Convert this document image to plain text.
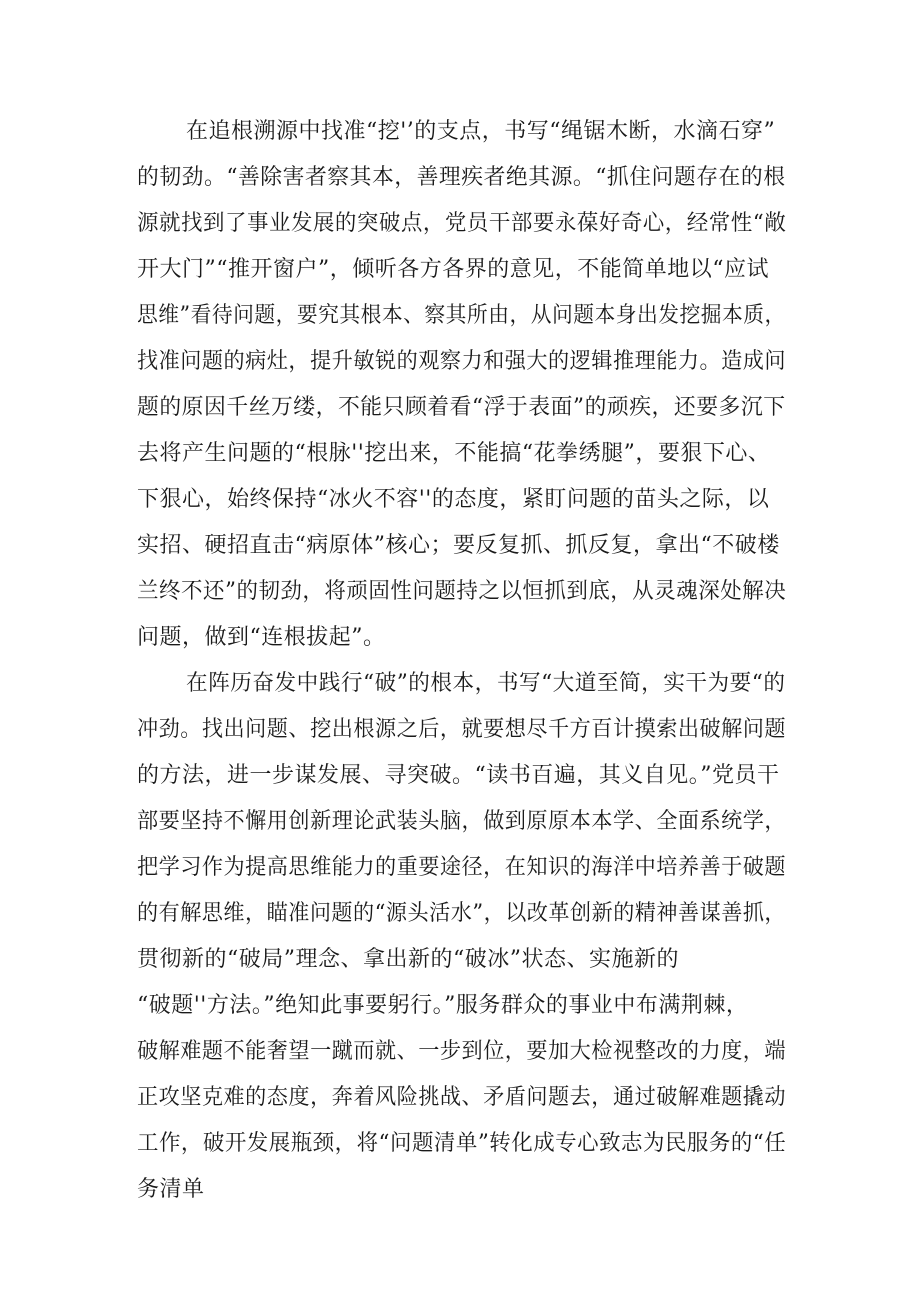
在追根溯源中找准“挖'’的支点，书写“绳锯木断，水滴石穿”
的韧劲。“善除害者察其本，善理疾者绝其源。“抓住问题存在的根
源就找到了事业发展的突破点，党员干部要永葆好奇心，经常性“敞
开大门”“推开窗户”，倾听各方各界的意见，不能简单地以“应试
思维”看待问题，要究其根本、察其所由，从问题本身出发挖掘本质，
找准问题的病灶，提升敏锐的观察力和强大的逻辑推理能力。造成问
题的原因千丝万缕，不能只顾着看“浮于表面”的顽疾，还要多沉下
去将产生问题的“根脉''挖出来，不能搞“花拳绣腿”，要狠下心、
下狠心，始终保持“冰火不容''的态度，紧盯问题的苗头之际，以
实招、硬招直击“病原体”核心；要反复抓、抓反复，拿出“不破楼
兰终不还”的韧劲，将顽固性问题持之以恒抓到底，从灵魂深处解决
问题，做到“连根拔起”。
在阵历奋发中践行“破”的根本，书写“大道至简，实干为要“的
冲劲。找出问题、挖出根源之后，就要想尽千方百计摸索出破解问题
的方法，进一步谋发展、寻突破。“读书百遍，其义自见。”党员干
部要坚持不懈用创新理论武装头脑，做到原原本本学、全面系统学，
把学习作为提高思维能力的重要途径，在知识的海洋中培养善于破题
的有解思维，瞄准问题的“源头活水”，以改革创新的精神善谋善抓，
贯彻新的“破局”理念、拿出新的“破冰”状态、实施新的
“破题''方法。”绝知此事要躬行。”服务群众的事业中布满荆棘，
破解难题不能奢望一蹴而就、一步到位，要加大检视整改的力度，端
正攻坚克难的态度，奔着风险挑战、矛盾问题去，通过破解难题撬动
工作，破开发展瓶颈，将“问题清单”转化成专心致志为民服务的“任
务清单
